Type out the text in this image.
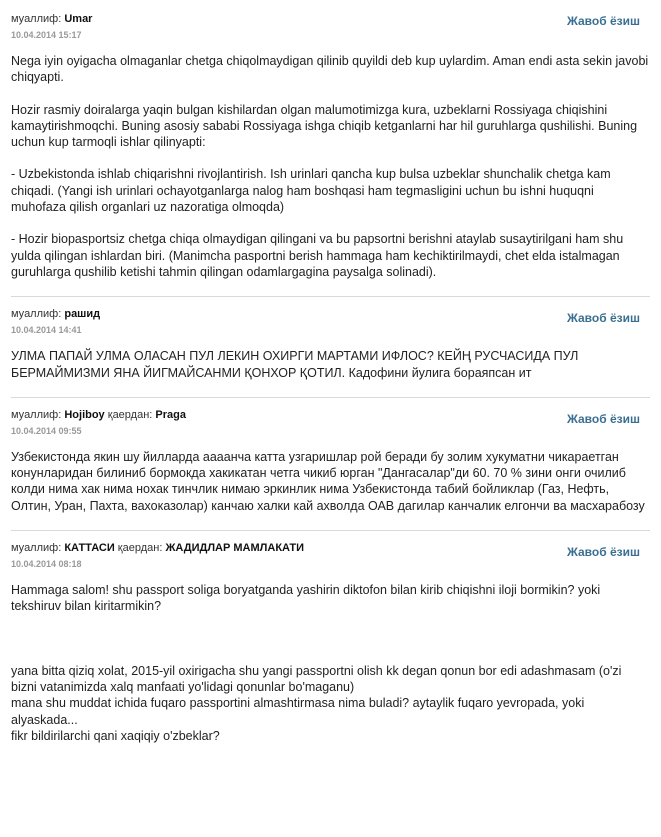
муаллиф: Umar
10.04.2014 15:17
Жавоб ёзиш

Nega iyin oyigacha olmaganlar chetga chiqolmaydigan qilinib quyildi deb kup uylardim. Aman endi asta sekin javobi chiqyapti.

Hozir rasmiy doiralarga yaqin bulgan kishilardan olgan malumotimizga kura, uzbeklarni Rossiyaga chiqishini kamaytirishmoqchi. Buning asosiy sababi Rossiyaga ishga chiqib ketganlarni har hil guruhlarga qushilishi. Buning uchun kup tarmoqli ishlar qilinyapti:

- Uzbekistonda ishlab chiqarishni rivojlantirish. Ish urinlari qancha kup bulsa uzbeklar shunchalik chetga kam chiqadi. (Yangi ish urinlari ochayotganlarga nalog ham boshqasi ham tegmasligini uchun bu ishni huquqni muhofaza qilish organlari uz nazoratiga olmoqda)

- Hozir biopasportsiz chetga chiqa olmaydigan qilingani va bu papsortni berishni ataylab susaytirilgani ham shu yulda qilingan ishlardan biri. (Manimcha pasportni berish hammaga ham kechiktirilmaydi, chet elda istalmagan guruhlarga qushilib ketishi tahmin qilingan odamlargagina paysalga solinadi).

муаллиф: рашид
10.04.2014 14:41
Жавоб ёзиш

УЛМА ПАПАЙ УЛМА ОЛАСАН ПУЛ ЛЕКИН ОХИРГИ МАРТАМИ ИФЛОС? КЕЙҢ РУСЧАСИДА ПУЛ БЕРМАЙМИЗМИ ЯНА ЙИГМАЙСАНМИ ҚОНХОР ҚОТИЛ. Кадофини йулига бораяпсан ит

муаллиф: Hojiboy қаердан: Praga
10.04.2014 09:55
Жавоб ёзиш

Узбекистонда якин шу йилларда аааанча катта узгаришлар рой беради бу золим хукуматни чикараетган конунларидан билиниб бормокда хакикатан четга чикиб юрган "Дангасалар"ди 60. 70 % зини онги очилиб колди нима хак нима нохак тинчлик нимаю эркинлик нима Узбекистонда табий бойликлар (Газ, Нефть, Олтин, Уран, Пахта, вахоказолар) канчаю халки кай ахволда ОАВ дагилар канчалик елгончи ва масхарабозу

муаллиф: КАТТАСИ қаердан: ЖАДИДЛАР МАМЛАКАТИ
10.04.2014 08:18
Жавоб ёзиш

Hammaga salom! shu passport soliga boryatganda yashirin diktofon bilan kirib chiqishni iloji bormikin? yoki tekshiruv bilan kiritarmikin?

yana bitta qiziq xolat, 2015-yil oxirigacha shu yangi passportni olish kk degan qonun bor edi adashmasam (o'zi bizni vatanimizda xalq manfaati yo'lidagi qonunlar bo'maganu)
mana shu muddat ichida fuqaro passportini almashtirmasa nima buladi? aytaylik fuqaro yevropada, yoki alyaskada...
fikr bildirilarchi qani xaqiqiy o'zbeklar?
